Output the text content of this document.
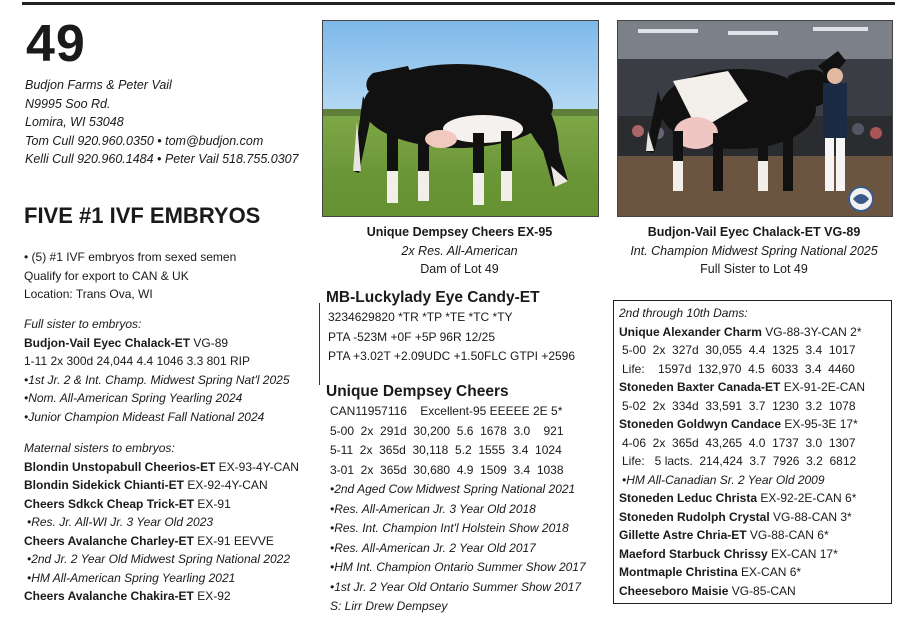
49
Budjon Farms & Peter Vail
N9995 Soo Rd.
Lomira, WI 53048
Tom Cull 920.960.0350 • tom@budjon.com
Kelli Cull 920.960.1484 • Peter Vail 518.755.0307
FIVE #1 IVF EMBRYOS
• (5) #1 IVF embryos from sexed semen
Qualify for export to CAN & UK
Location: Trans Ova, WI
Full sister to embryos:
Budjon-Vail Eyec Chalack-ET VG-89
1-11 2x 300d 24,044 4.4 1046 3.3 801 RIP
•1st Jr. 2 & Int. Champ. Midwest Spring Nat'l 2025
•Nom. All-American Spring Yearling 2024
•Junior Champion Mideast Fall National 2024
Maternal sisters to embryos:
Blondin Unstopabull Cheerios-ET EX-93-4Y-CAN
Blondin Sidekick Chianti-ET EX-92-4Y-CAN
Cheers Sdkck Cheap Trick-ET EX-91
•Res. Jr. All-WI Jr. 3 Year Old 2023
Cheers Avalanche Charley-ET EX-91 EEVVE
•2nd Jr. 2 Year Old Midwest Spring National 2022
•HM All-American Spring Yearling 2021
Cheers Avalanche Chakira-ET EX-92
Unique Dempsey Cheers EX-95
2x Res. All-American
Dam of Lot 49
Budjon-Vail Eyec Chalack-ET VG-89
Int. Champion Midwest Spring National 2025
Full Sister to Lot 49
MB-Luckylady Eye Candy-ET
3234629820 *TR *TP *TE *TC *TY
PTA -523M +0F +5P 96R 12/25
PTA +3.02T +2.09UDC +1.50FLC GTPI +2596
Unique Dempsey Cheers
CAN11957116    Excellent-95 EEEEE 2E 5*
5-00  2x  291d  30,200  5.6  1678  3.0    921
5-11  2x  365d  30,118  5.2  1555  3.4  1024
3-01  2x  365d  30,680  4.9  1509  3.4  1038
•2nd Aged Cow Midwest Spring National 2021
•Res. All-American Jr. 3 Year Old 2018
•Res. Int. Champion Int'l Holstein Show 2018
•Res. All-American Jr. 2 Year Old 2017
•HM Int. Champion Ontario Summer Show 2017
•1st Jr. 2 Year Old Ontario Summer Show 2017
S: Lirr Drew Dempsey
2nd through 10th Dams:
Unique Alexander Charm VG-88-3Y-CAN 2*
5-00  2x  327d  30,055  4.4  1325  3.4  1017
Life:    1597d  132,970  4.5  6033  3.4  4460
Stoneden Baxter Canada-ET EX-91-2E-CAN
5-02  2x  334d  33,591  3.7  1230  3.2  1078
Stoneden Goldwyn Candace EX-95-3E 17*
4-06  2x  365d  43,265  4.0  1737  3.0  1307
Life:   5 lacts.  214,424  3.7  7926  3.2  6812
•HM All-Canadian Sr. 2 Year Old 2009
Stoneden Leduc Christa EX-92-2E-CAN 6*
Stoneden Rudolph Crystal VG-88-CAN 3*
Gillette Astre Chria-ET VG-88-CAN 6*
Maeford Starbuck Chrissy EX-CAN 17*
Montmaple Christina EX-CAN 6*
Cheeseboro Maisie VG-85-CAN
